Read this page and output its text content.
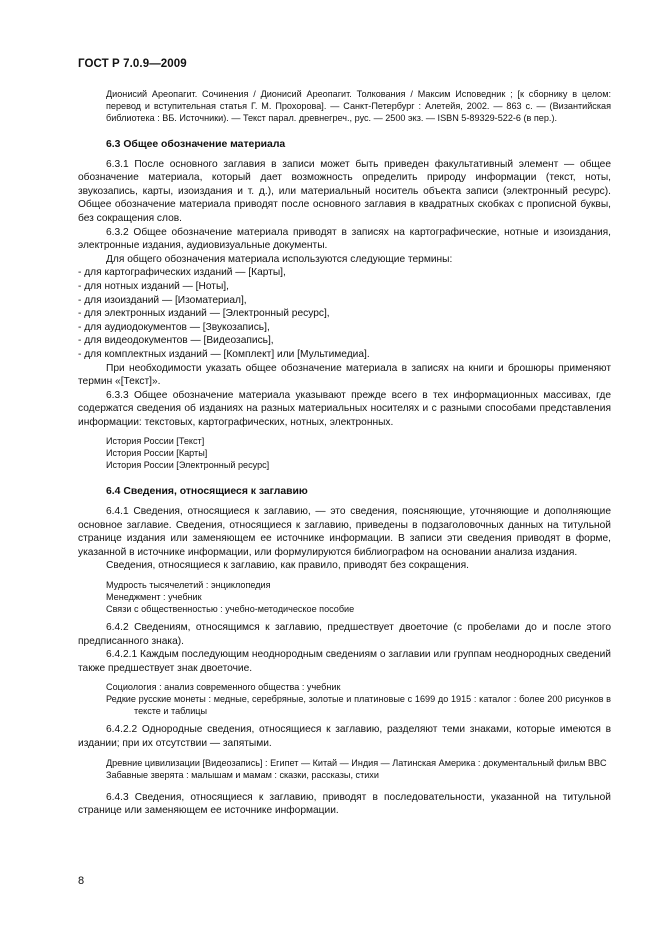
ГОСТ Р 7.0.9—2009

Дионисий Ареопагит. Сочинения / Дионисий Ареопагит. Толкования / Максим Исповедник ; [к сборнику в целом: перевод и вступительная статья Г. М. Прохорова]. — Санкт-Петербург : Алетейя, 2002. — 863 с. — (Византийская библиотека : ВБ. Источники). — Текст парал. древнегреч., рус. — 2500 экз. — ISBN 5-89329-522-6 (в пер.).

6.3 Общее обозначение материала

6.3.1 После основного заглавия в записи может быть приведен факультативный элемент — общее обозначение материала, который дает возможность определить природу информации (текст, ноты, звукозапись, карты, изоиздания и т. д.), или материальный носитель объекта записи (электронный ресурс). Общее обозначение материала приводят после основного заглавия в квадратных скобках с прописной буквы, без сокращения слов.

6.3.2 Общее обозначение материала приводят в записях на картографические, нотные и изоиздания, электронные издания, аудиовизуальные документы.

Для общего обозначения материала используются следующие термины:

- для картографических изданий — [Карты],

- для нотных изданий — [Ноты],

- для изоизданий — [Изоматериал],

- для электронных изданий — [Электронный ресурс],

- для аудиодокументов — [Звукозапись],

- для видеодокументов — [Видеозапись],

- для комплектных изданий — [Комплект] или [Мультимедиа].

При необходимости указать общее обозначение материала в записях на книги и брошюры применяют термин «[Текст]».

6.3.3 Общее обозначение материала указывают прежде всего в тех информационных массивах, где содержатся сведения об изданиях на разных материальных носителях и с разными способами представления информации: текстовых, картографических, нотных, электронных.

История России [Текст]

История России [Карты]

История России [Электронный ресурс]

6.4 Сведения, относящиеся к заглавию

6.4.1 Сведения, относящиеся к заглавию, — это сведения, поясняющие, уточняющие и дополняющие основное заглавие. Сведения, относящиеся к заглавию, приведены в подзаголовочных данных на титульной странице издания или заменяющем ее источнике информации. В записи эти сведения приводят в форме, указанной в источнике информации, или формулируются библиографом на основании анализа издания.

Сведения, относящиеся к заглавию, как правило, приводят без сокращения.

Мудрость тысячелетий : энциклопедия

Менеджмент : учебник

Связи с общественностью : учебно-методическое пособие

6.4.2 Сведениям, относящимся к заглавию, предшествует двоеточие (с пробелами до и после этого предписанного знака).

6.4.2.1 Каждым последующим неоднородным сведениям о заглавии или группам неоднородных сведений также предшествует знак двоеточие.

Социология : анализ современного общества : учебник

Редкие русские монеты : медные, серебряные, золотые и платиновые с 1699 до 1915 : каталог : более 200 рисунков в тексте и таблицы

6.4.2.2 Однородные сведения, относящиеся к заглавию, разделяют теми знаками, которые имеются в издании; при их отсутствии — запятыми.

Древние цивилизации [Видеозапись] : Египет — Китай — Индия — Латинская Америка : документальный фильм BBC

Забавные зверята : малышам и мамам : сказки, рассказы, стихи

6.4.3 Сведения, относящиеся к заглавию, приводят в последовательности, указанной на титульной странице или заменяющем ее источнике информации.

8
